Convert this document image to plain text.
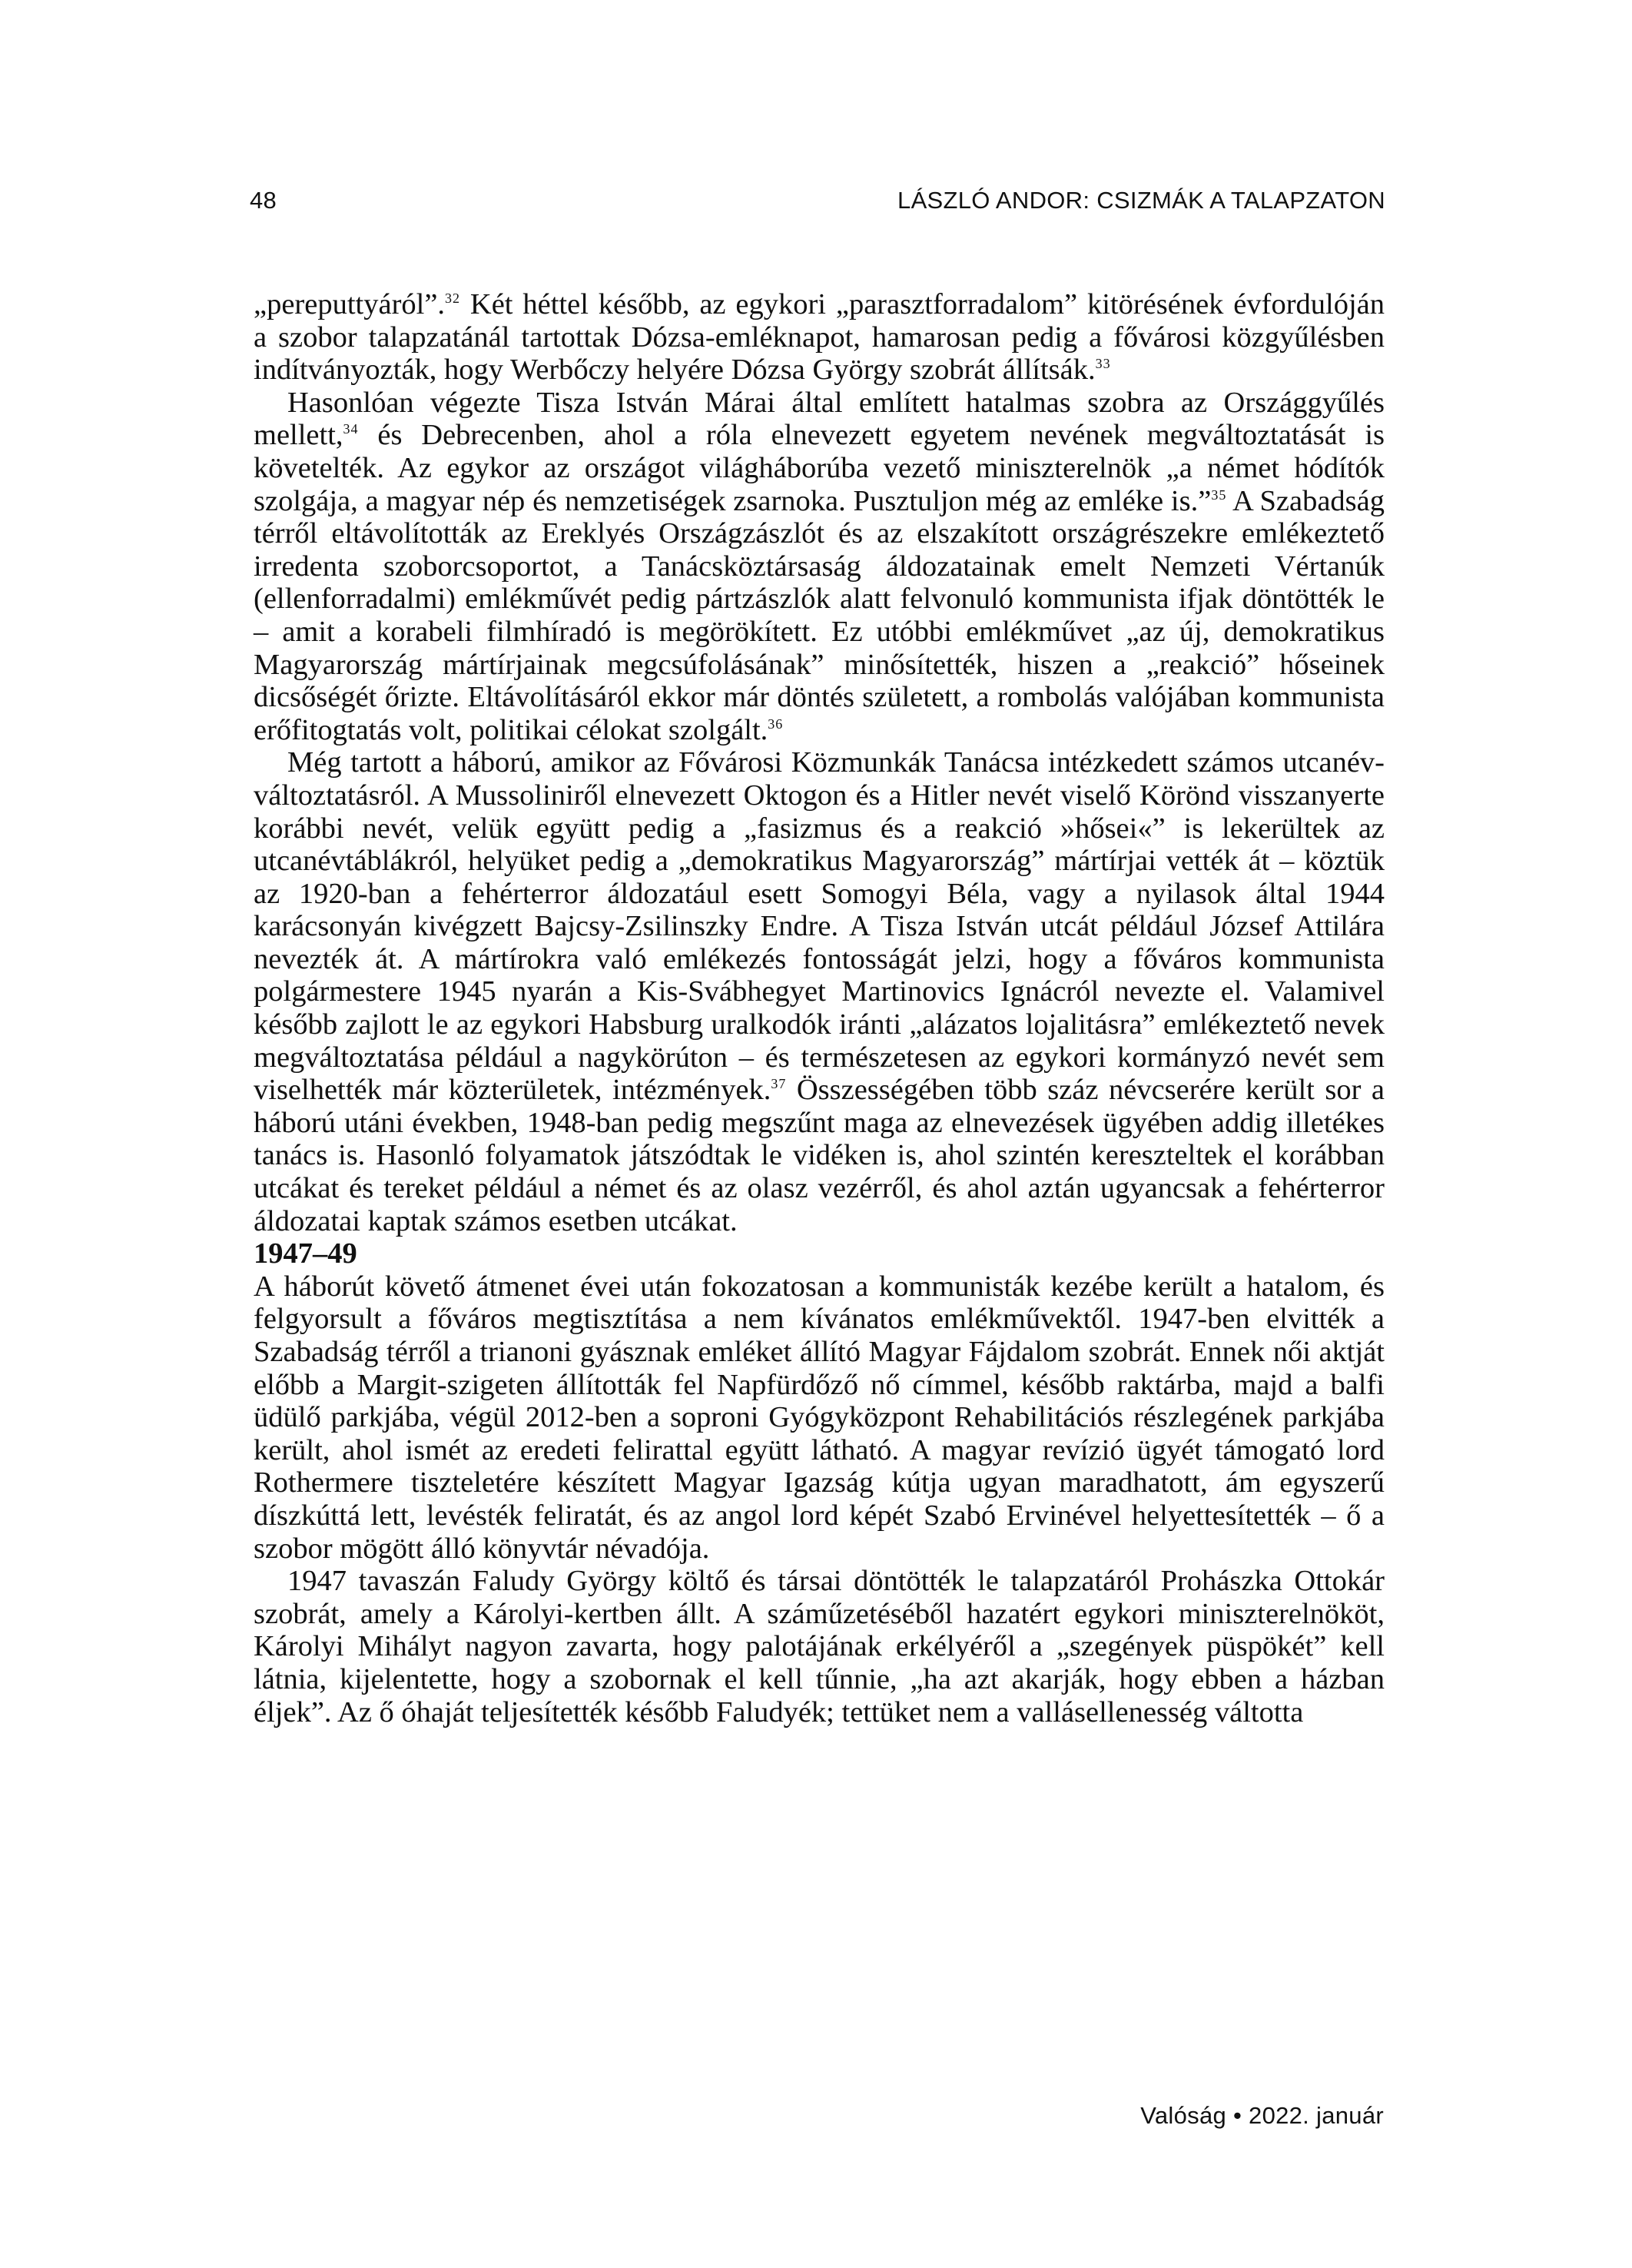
48	LÁSZLÓ ANDOR: CSIZMÁK A TALAPZATON

„pereputtyáról”.$^{32}$ Két héttel később, az egykori „parasztforradalom” kitörésének évfordulóján a szobor talapzatánál tartottak Dózsa-emléknapot, hamarosan pedig a fővárosi közgyűlésben indítványozták, hogy Werbőczy helyére Dózsa György szobrát állítsák.$^{33}$

Hasonlóan végezte Tisza István Márai által említett hatalmas szobra az Országgyűlés mellett,$^{34}$ és Debrecenben, ahol a róla elnevezett egyetem nevének megváltoztatását is követelték. Az egykor az országot világháborúba vezető miniszterelnök „a német hódítók szolgája, a magyar nép és nemzetiségek zsarnoka. Pusztuljon még az emléke is.”$^{35}$ A Szabadság térről eltávolították az Ereklyés Országzászlót és az elszakított országrészekre emlékeztető irredenta szoborcsoportot, a Tanácsköztársaság áldozatainak emelt Nemzeti Vértanúk (ellenforradalmi) emlékművét pedig pártzászlók alatt felvonuló kommunista ifjak döntötték le – amit a korabeli filmhíradó is megörökített. Ez utóbbi emlékművet „az új, demokratikus Magyarország mártírjainak megcsúfolásának” minősítették, hiszen a „reakció” hőseinek dicsőségét őrizte. Eltávolításáról ekkor már döntés született, a rombolás valójában kommunista erőfitogtatás volt, politikai célokat szolgált.$^{36}$

Még tartott a háború, amikor az Fővárosi Közmunkák Tanácsa intézkedett számos utcanév-változtatásról. A Mussoliniről elnevezett Oktogon és a Hitler nevét viselő Körönd visszanyerte korábbi nevét, velük együtt pedig a „fasizmus és a reakció »hősei«” is lekerültek az utcanévtáblákról, helyüket pedig a „demokratikus Magyarország” mártírjai vették át – köztük az 1920-ban a fehérterror áldozatául esett Somogyi Béla, vagy a nyilasok által 1944 karácsonyán kivégzett Bajcsy-Zsilinszky Endre. A Tisza István utcát például József Attilára nevezték át. A mártírokra való emlékezés fontosságát jelzi, hogy a főváros kommunista polgármestere 1945 nyarán a Kis-Svábhegyet Martinovics Ignácról nevezte el. Valamivel később zajlott le az egykori Habsburg uralkodók iránti „alázatos lojalitásra” emlékeztető nevek megváltoztatása például a nagykörúton – és természetesen az egykori kormányzó nevét sem viselhették már közterületek, intézmények.$^{37}$ Összességében több száz névcserére került sor a háború utáni években, 1948-ban pedig megszűnt maga az elnevezések ügyében addig illetékes tanács is. Hasonló folyamatok játszódtak le vidéken is, ahol szintén kereszteltek el korábban utcákat és tereket például a német és az olasz vezérről, és ahol aztán ugyancsak a fehérterror áldozatai kaptak számos esetben utcákat.

1947–49

A háborút követő átmenet évei után fokozatosan a kommunisták kezébe került a hatalom, és felgyorsult a főváros megtisztítása a nem kívánatos emlékművektől. 1947-ben elvitték a Szabadság térről a trianoni gyásznak emléket állító Magyar Fájdalom szobrát. Ennek női aktját előbb a Margit-szigeten állították fel Napfürdőző nő címmel, később raktárba, majd a balfi üdülő parkjába, végül 2012-ben a soproni Gyógyközpont Rehabilitációs részlegének parkjába került, ahol ismét az eredeti felirattal együtt látható. A magyar revízió ügyét támogató lord Rothermere tiszteletére készített Magyar Igazság kútja ugyan maradhatott, ám egyszerű díszkúttá lett, levésték feliratát, és az angol lord képét Szabó Ervinével helyettesítették – ő a szobor mögött álló könyvtár névadója.

1947 tavaszán Faludy György költő és társai döntötték le talapzatáról Prohászka Ottokár szobrát, amely a Károlyi-kertben állt. A száműzetéséből hazatért egykori miniszterelnököt, Károlyi Mihályt nagyon zavarta, hogy palotájának erkélyéről a „szegények püspökét” kell látnia, kijelentette, hogy a szobornak el kell tűnnie, „ha azt akarják, hogy ebben a házban éljek”. Az ő óhaját teljesítették később Faludyék; tettüket nem a vallásellenesség váltotta

Valóság • 2022. január
